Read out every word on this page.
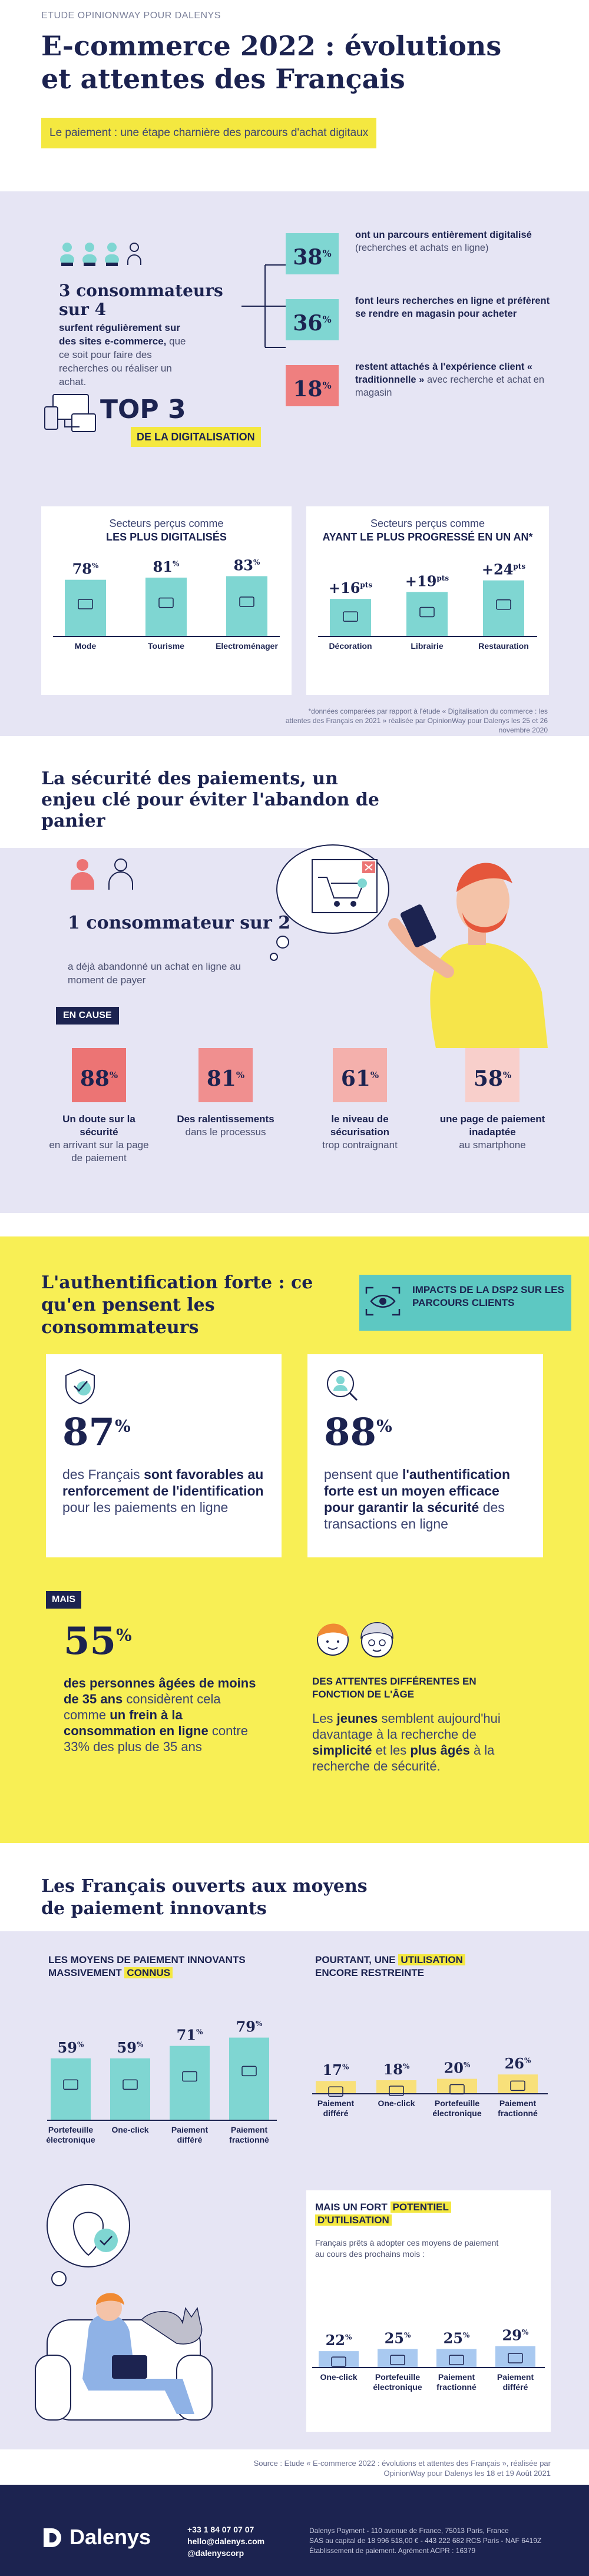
ETUDE OPINIONWAY POUR DALENYS
E-commerce 2022 : évolutions et attentes des Français
Le paiement : une étape charnière des parcours d'achat digitaux
3 consommateurs sur 4
surfent régulièrement sur des sites e-commerce, que ce soit pour faire des recherches ou réaliser un achat.
38%
ont un parcours entièrement digitalisé (recherches et achats en ligne)
36%
font leurs recherches en ligne et préfèrent se rendre en magasin pour acheter
18%
restent attachés à l'expérience client « traditionnelle » avec recherche et achat en magasin
TOP 3
DE LA DIGITALISATION
Secteurs perçus comme
LES PLUS DIGITALISÉS
78%
Mode
81%
Tourisme
83%
Electroménager
Secteurs perçus comme
AYANT LE PLUS PROGRESSÉ EN UN AN*
$+16^{pts}$
Décoration
$+19^{pts}$
Librairie
$+24^{pts}$
Restauration
*données comparées par rapport à l'étude « Digitalisation du commerce : les attentes des Français en 2021 » réalisée par OpinionWay pour Dalenys les 25 et 26 novembre 2020
La sécurité des paiements, un enjeu clé pour éviter l'abandon de panier
1 consommateur sur 2
a déjà abandonné un achat en ligne au moment de payer
EN CAUSE
88%
Un doute sur la sécurité
en arrivant sur la page de paiement
81%
Des ralentissements
dans le processus
61%
le niveau de sécurisation
trop contraignant
58%
une page de paiement inadaptée
au smartphone
L'authentification forte : ce qu'en pensent les consommateurs
IMPACTS DE LA DSP2 SUR LES PARCOURS CLIENTS
87%
des Français sont favorables au renforcement de l'identification pour les paiements en ligne
88%
pensent que l'authentification forte est un moyen efficace pour garantir la sécurité des transactions en ligne
MAIS
55%
des personnes âgées de moins de 35 ans considèrent cela comme un frein à la consommation en ligne contre 33% des plus de 35 ans
DES ATTENTES DIFFÉRENTES EN FONCTION DE L'ÂGE
Les jeunes semblent aujourd'hui davantage à la recherche de simplicité et les plus âgés à la recherche de sécurité.
Les Français ouverts aux moyens de paiement innovants
LES MOYENS DE PAIEMENT INNOVANTS MASSIVEMENT CONNUS
59%
Portefeuille électronique
59%
One-click
71%
Paiement différé
79%
Paiement fractionné
POURTANT, UNE UTILISATION
ENCORE RESTREINTE
17%
Paiement différé
18%
One-click
20%
Portefeuille électronique
26%
Paiement fractionné
MAIS UN FORT POTENTIEL
D'UTILISATION
Français prêts à adopter ces moyens de paiement au cours des prochains mois :
22%
One-click
25%
Portefeuille électronique
25%
Paiement fractionné
29%
Paiement différé
Source : Etude « E-commerce 2022 : évolutions et attentes des Français », réalisée par OpinionWay pour Dalenys les 18 et 19 Août 2021
Dalenys	+33 1 84 07 07 07
hello@dalenys.com
@dalenyscorp
Dalenys Payment - 110 avenue de France, 75013 Paris, France
SAS au capital de 18 996 518,00 € - 443 222 682 RCS Paris - NAF 6419Z
Établissement de paiement. Agrément ACPR : 16379
